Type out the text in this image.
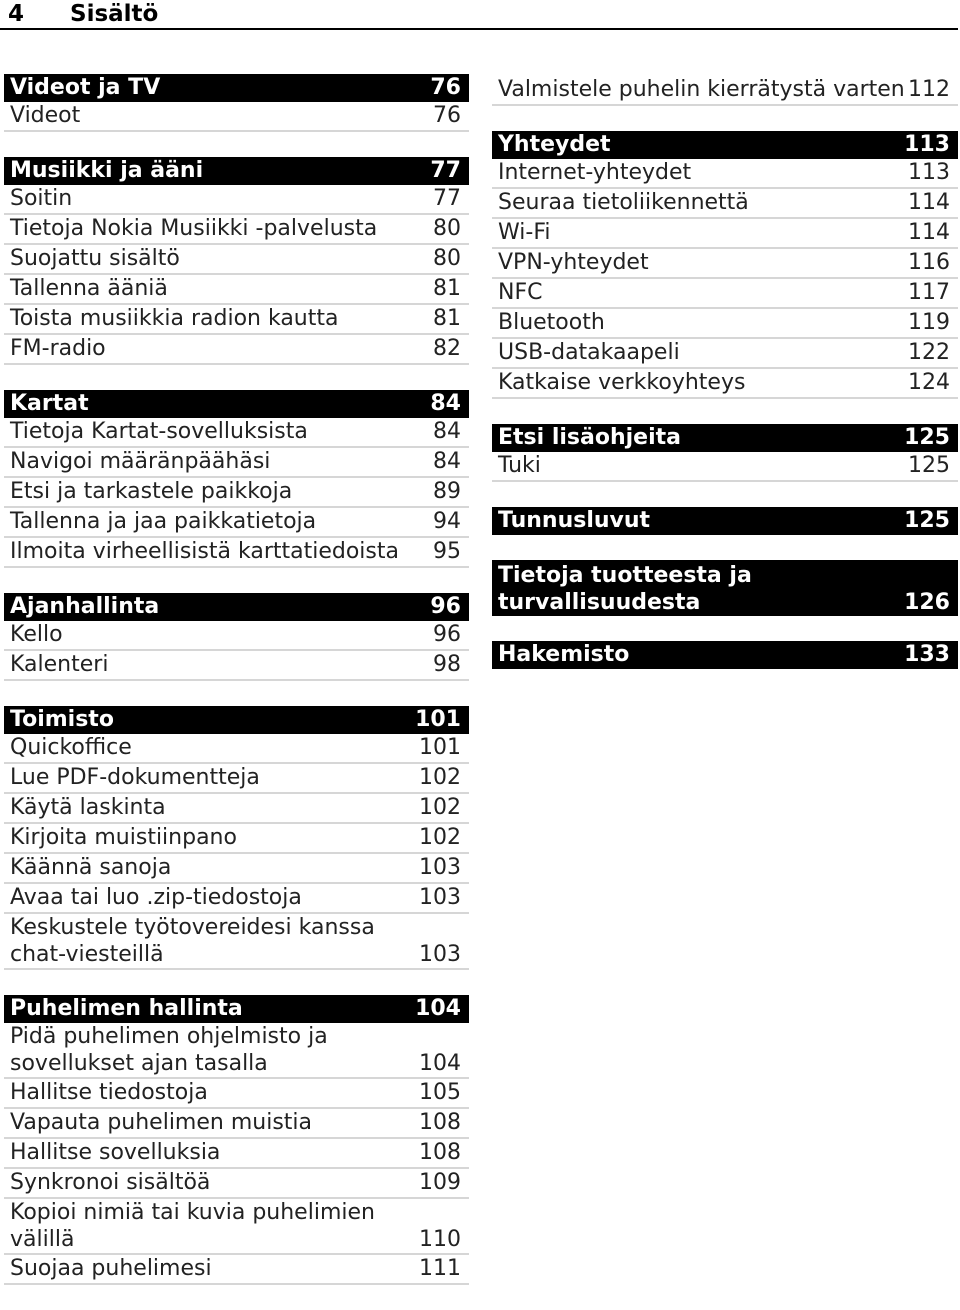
4 Sisältö
Videot ja TV	76
Videot	76
Musiikki ja ääni	77
Soitin	77
Tietoja Nokia Musiikki -palvelusta	80
Suojattu sisältö	80
Tallenna ääniä	81
Toista musiikkia radion kautta	81
FM-radio	82
Kartat	84
Tietoja Kartat-sovelluksista	84
Navigoi määränpäähäsi	84
Etsi ja tarkastele paikkoja	89
Tallenna ja jaa paikkatietoja	94
Ilmoita virheellisistä karttatiedoista 95
Ajanhallinta	96
Kello	96
Kalenteri	98
Toimisto	101
Quickoffice	101
Lue PDF-dokumentteja	102
Käytä laskinta	102
Kirjoita muistiinpano	102
Käännä sanoja	103
Avaa tai luo .zip-tiedostoja	103
Keskustele työtovereidesi kanssa
chat-viesteillä	103
Puhelimen hallinta	104
Pidä puhelimen ohjelmisto ja
sovellukset ajan tasalla	104
Hallitse tiedostoja	105
Vapauta puhelimen muistia	108
Hallitse sovelluksia	108
Synkronoi sisältöä	109
Kopioi nimiä tai kuvia puhelimien
välillä	110
Suojaa puhelimesi	111
Valmistele puhelin kierrätystä varten 112
Yhteydet	113
Internet-yhteydet	113
Seuraa tietoliikennettä	114
Wi-Fi	114
VPN-yhteydet	116
NFC	117
Bluetooth	119
USB-datakaapeli	122
Katkaise verkkoyhteys	124
Etsi lisäohjeita	125
Tuki	125
Tunnusluvut	125
Tietoja tuotteesta ja
turvallisuudesta	126
Hakemisto	133
